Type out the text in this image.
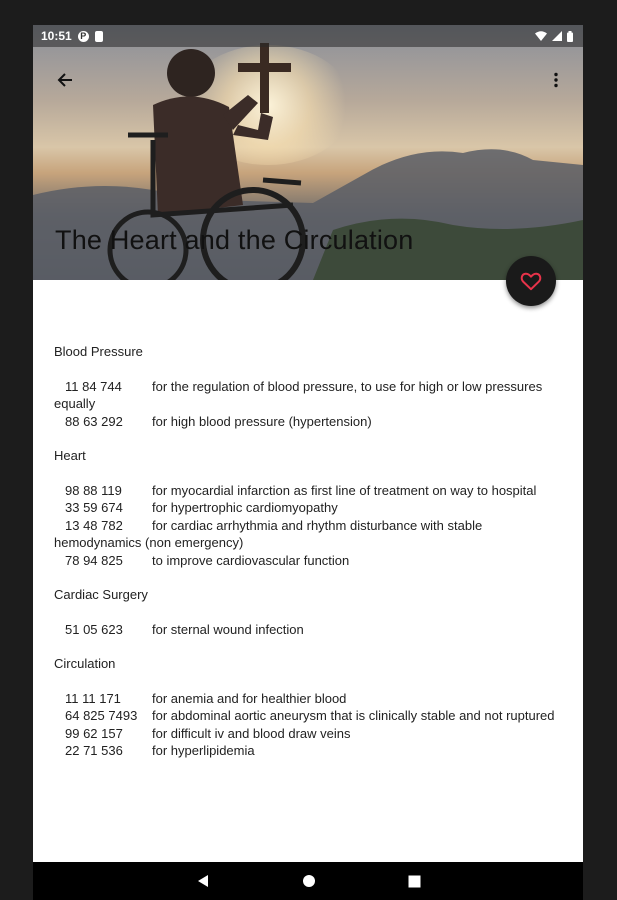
10:51 P
The Heart and the Circulation
Blood Pressure

11 84 744 for the regulation of blood pressure, to use for high or low pressures equally

88 63 292 for high blood pressure (hypertension)

Heart

98 88 119 for myocardial infarction as first line of treatment on way to hospital

33 59 674 for hypertrophic cardiomyopathy

13 48 782 for cardiac arrhythmia and rhythm disturbance with stable hemodynamics (non emergency)

78 94 825 to improve cardiovascular function

Cardiac Surgery

51 05 623 for sternal wound infection

Circulation

11 11 171 for anemia and for healthier blood

64 825 7493 for abdominal aortic aneurysm that is clinically stable and not ruptured

99 62 157 for difficult iv and blood draw veins

22 71 536 for hyperlipidemia
